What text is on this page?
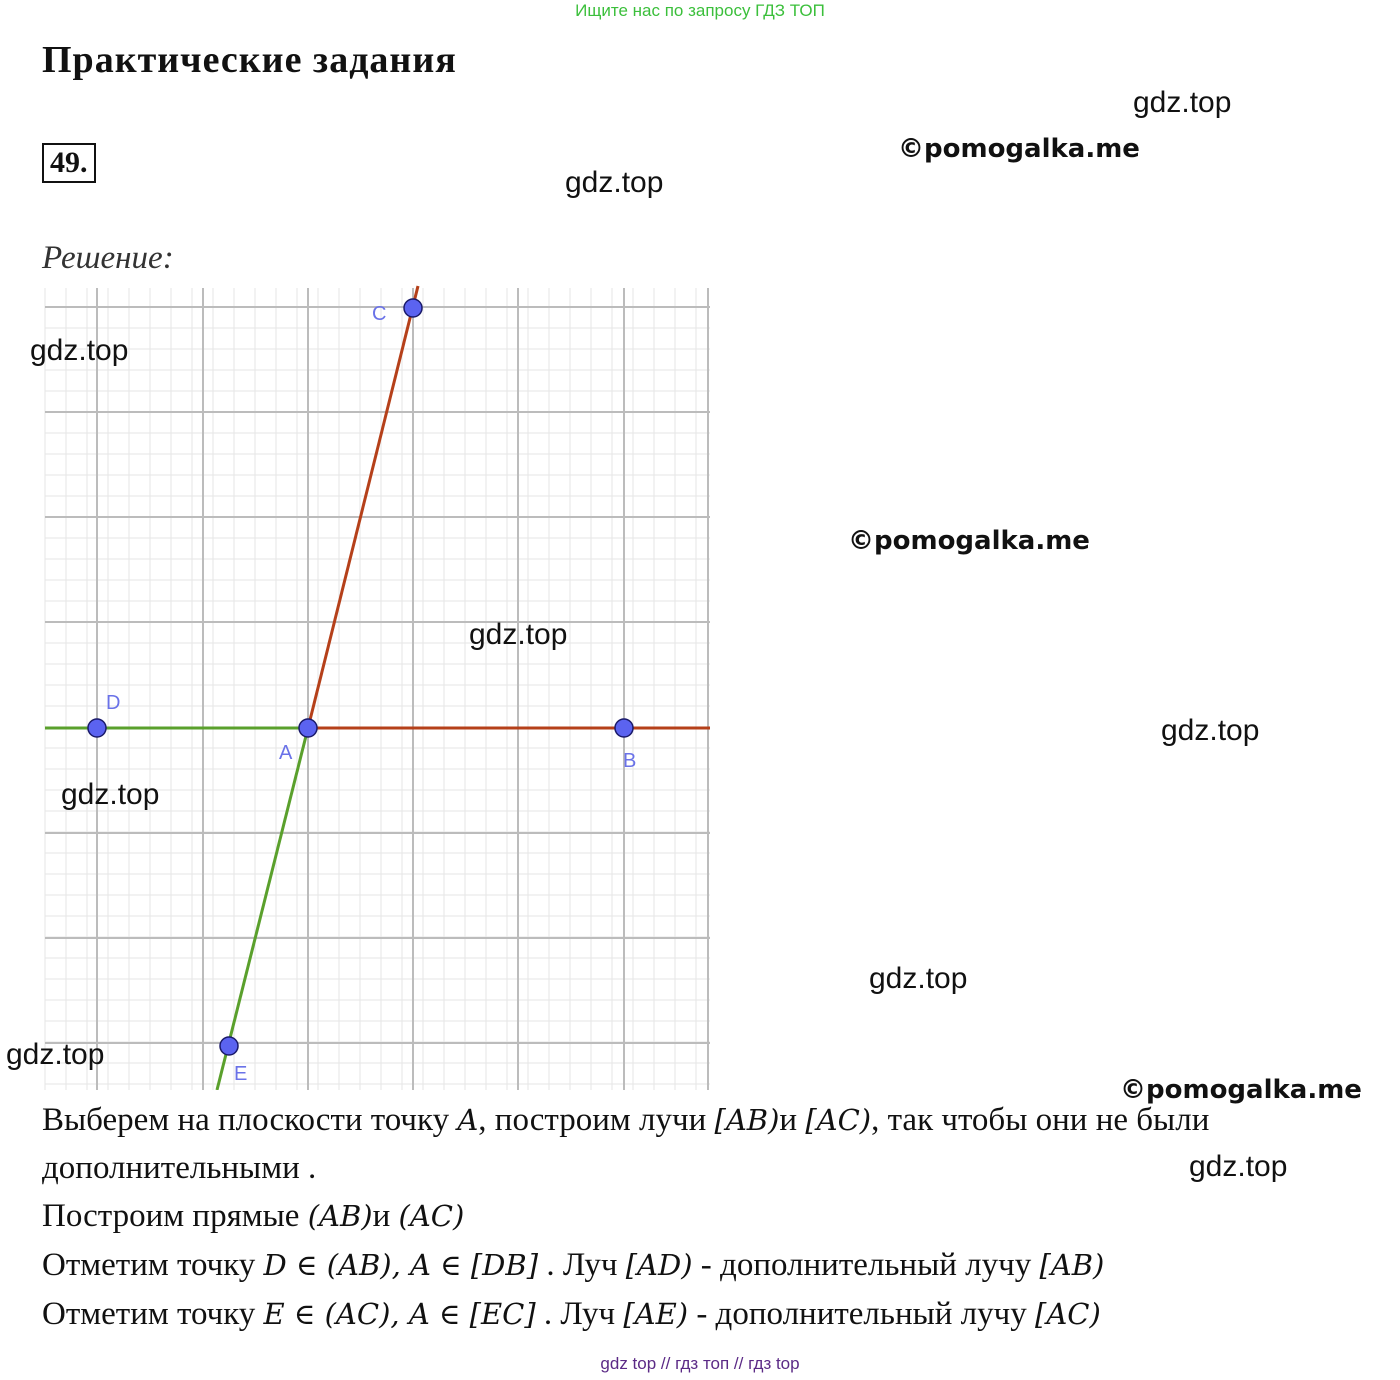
Ищите нас по запросу ГДЗ ТОП
Практические задания
49.
Решение:
C
D
A	B
E
gdz.top
©pomogalka.me
gdz.top
gdz.top
©pomogalka.me
gdz.top
gdz.top
gdz.top
gdz.top
gdz.top
©pomogalka.me
gdz.top
Выберем на плоскости точку A, построим лучи [AB)и [AC), так чтобы они не были
дополнительными .
Построим прямые (AB)и (AC)
Отметим точку D ∈ (AB), A ∈ [DB] . Луч [AD) - дополнительный лучу [AB)
Отметим точку E ∈ (AC), A ∈ [EC] . Луч [AE) - дополнительный лучу [AC)
gdz top // гдз топ // гдз top
